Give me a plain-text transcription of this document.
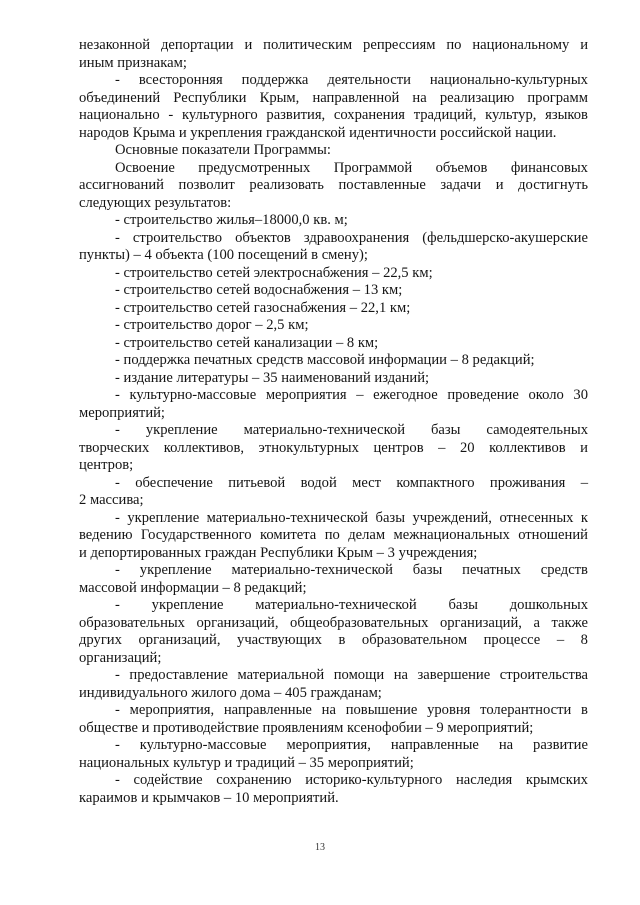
незаконной депортации и политическим репрессиям по национальному и
иным признакам;
- всесторонняя поддержка деятельности национально-культурных
объединений Республики Крым, направленной на реализацию программ
национально - культурного развития, сохранения традиций, культур, языков
народов Крыма и укрепления гражданской идентичности российской нации.
Основные показатели Программы:
Освоение предусмотренных Программой объемов финансовых
ассигнований позволит реализовать поставленные задачи и достигнуть
следующих результатов:
- строительство жилья–18000,0 кв. м;
- строительство объектов здравоохранения (фельдшерско-акушерские
пункты) – 4 объекта (100 посещений в смену);
- строительство сетей электроснабжения – 22,5 км;
- строительство сетей водоснабжения – 13 км;
- строительство сетей газоснабжения – 22,1 км;
- строительство дорог – 2,5 км;
- строительство сетей канализации – 8 км;
- поддержка печатных средств массовой информации – 8 редакций;
- издание литературы – 35 наименований изданий;
- культурно-массовые мероприятия – ежегодное проведение около 30
мероприятий;
- укрепление материально-технической базы самодеятельных
творческих коллективов, этнокультурных центров – 20 коллективов и
центров;
- обеспечение питьевой водой мест компактного проживания –
2 массива;
- укрепление материально-технической базы учреждений, отнесенных к
ведению Государственного комитета по делам межнациональных отношений
и депортированных граждан Республики Крым – 3 учреждения;
- укрепление материально-технической базы печатных средств
массовой информации – 8 редакций;
- укрепление материально-технической базы дошкольных
образовательных организаций, общеобразовательных организаций, а также
других организаций, участвующих в образовательном процессе – 8
организаций;
- предоставление материальной помощи на завершение строительства
индивидуального жилого дома – 405 гражданам;
- мероприятия, направленные на повышение уровня толерантности в
обществе и противодействие проявлениям ксенофобии – 9 мероприятий;
- культурно-массовые мероприятия, направленные на развитие
национальных культур и традиций – 35 мероприятий;
- содействие сохранению историко-культурного наследия крымских
караимов и крымчаков – 10 мероприятий.
13
